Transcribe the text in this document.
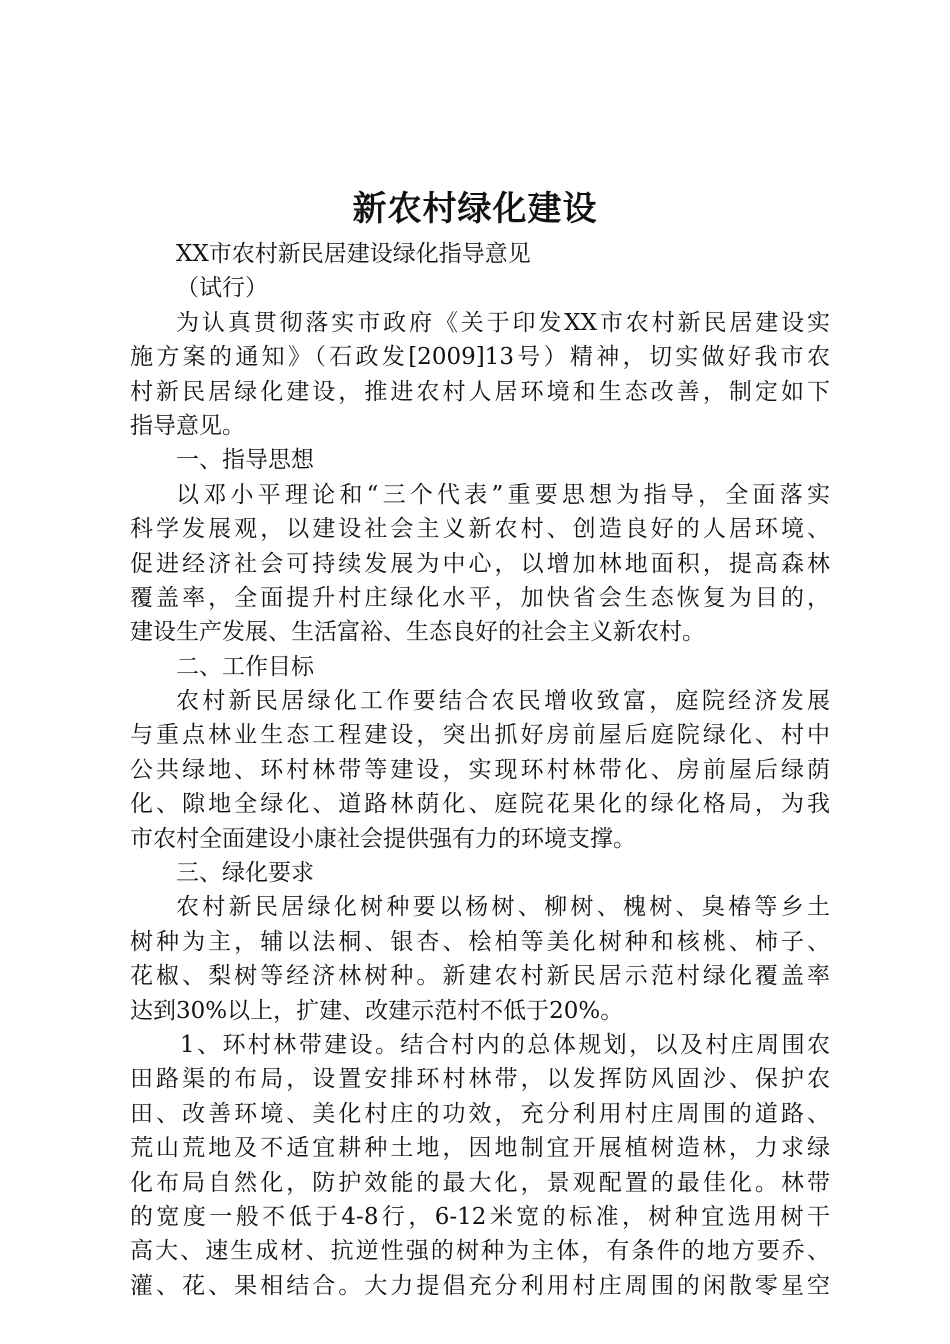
新农村绿化建设
XX市农村新民居建设绿化指导意见
（试行）
为认真贯彻落实市政府《关于印发XX市农村新民居建设实
施方案的通知》（石政发[2009]13号）精神，切实做好我市农
村新民居绿化建设，推进农村人居环境和生态改善，制定如下
指导意见。
一、指导思想
以邓小平理论和“三个代表”重要思想为指导，全面落实
科学发展观，以建设社会主义新农村、创造良好的人居环境、
促进经济社会可持续发展为中心，以增加林地面积，提高森林
覆盖率，全面提升村庄绿化水平，加快省会生态恢复为目的，
建设生产发展、生活富裕、生态良好的社会主义新农村。
二、工作目标
农村新民居绿化工作要结合农民增收致富，庭院经济发展
与重点林业生态工程建设，突出抓好房前屋后庭院绿化、村中
公共绿地、环村林带等建设，实现环村林带化、房前屋后绿荫
化、隙地全绿化、道路林荫化、庭院花果化的绿化格局，为我
市农村全面建设小康社会提供强有力的环境支撑。
三、绿化要求
农村新民居绿化树种要以杨树、柳树、槐树、臭椿等乡土
树种为主，辅以法桐、银杏、桧柏等美化树种和核桃、柿子、
花椒、梨树等经济林树种。新建农村新民居示范村绿化覆盖率
达到30%以上，扩建、改建示范村不低于20%。
1、环村林带建设。结合村内的总体规划，以及村庄周围农
田路渠的布局，设置安排环村林带，以发挥防风固沙、保护农
田、改善环境、美化村庄的功效，充分利用村庄周围的道路、
荒山荒地及不适宜耕种土地，因地制宜开展植树造林，力求绿
化布局自然化，防护效能的最大化，景观配置的最佳化。林带
的宽度一般不低于4-8行，6-12米宽的标准，树种宜选用树干
高大、速生成材、抗逆性强的树种为主体，有条件的地方要乔、
灌、花、果相结合。大力提倡充分利用村庄周围的闲散零星空
